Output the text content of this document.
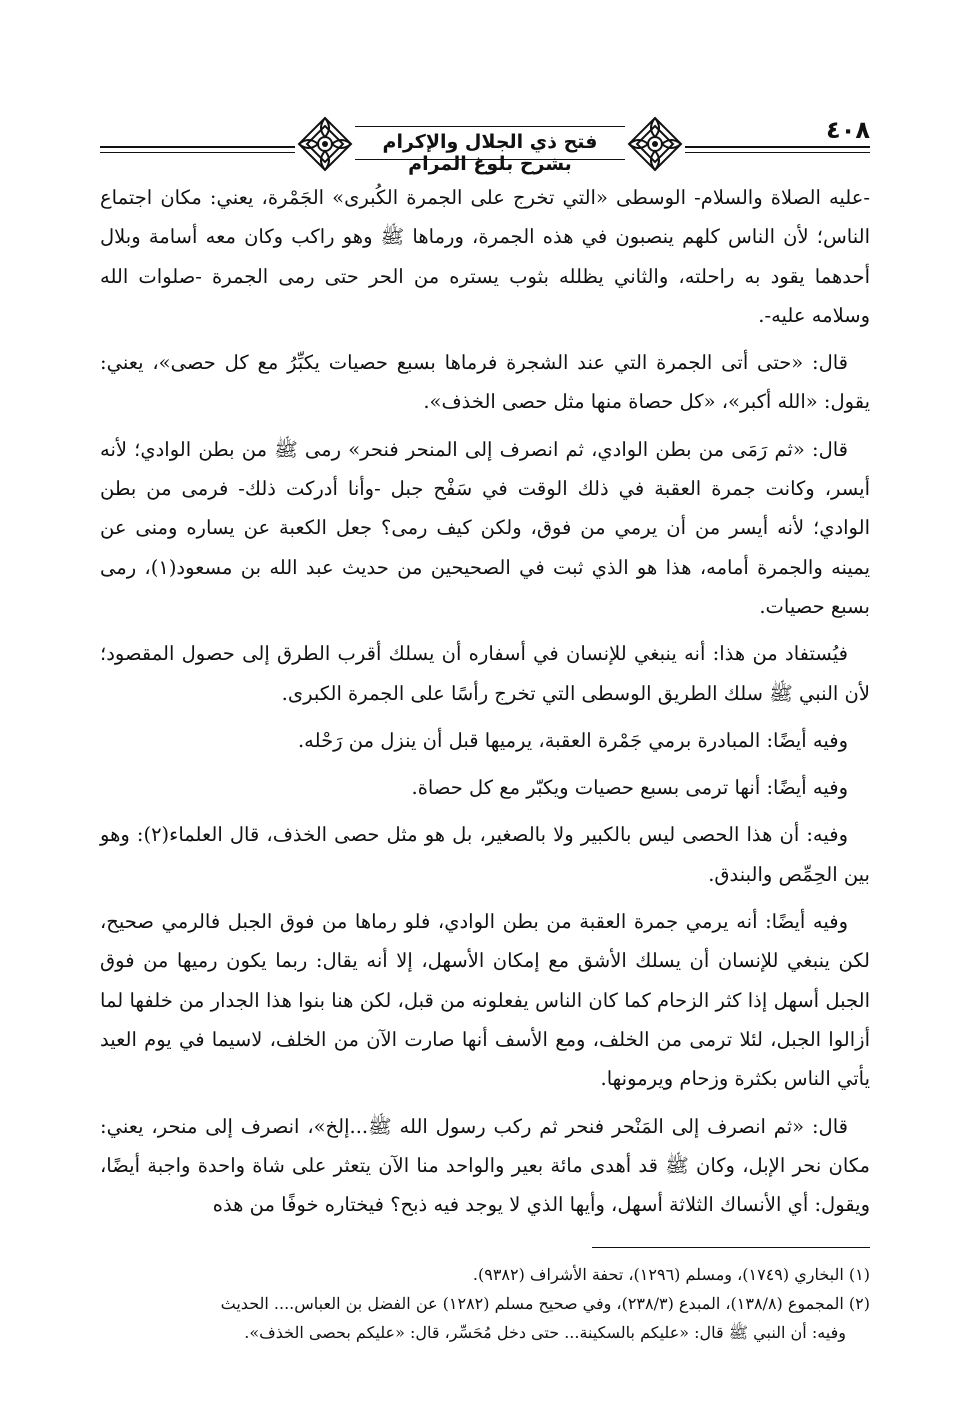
فتح ذي الجلال والإكرام بشرح بلوغ المرام
٤٠٨

-عليه الصلاة والسلام- الوسطى «التي تخرج على الجمرة الكُبرى» الجَمْرة، يعني: مكان اجتماع الناس؛ لأن الناس كلهم ينصبون في هذه الجمرة، ورماها ﷺ وهو راكب وكان معه أسامة وبلال أحدهما يقود به راحلته، والثاني يظلله بثوب يستره من الحر حتى رمى الجمرة -صلوات الله وسلامه عليه-.

قال: «حتى أتى الجمرة التي عند الشجرة فرماها بسبع حصيات يكبِّرُ مع كل حصى»، يعني: يقول: «الله أكبر»، «كل حصاة منها مثل حصى الخذف».

قال: «ثم رَمَى من بطن الوادي، ثم انصرف إلى المنحر فنحر» رمى ﷺ من بطن الوادي؛ لأنه أيسر، وكانت جمرة العقبة في ذلك الوقت في سَفْح جبل -وأنا أدركت ذلك- فرمى من بطن الوادي؛ لأنه أيسر من أن يرمي من فوق، ولكن كيف رمى؟ جعل الكعبة عن يساره ومنى عن يمينه والجمرة أمامه، هذا هو الذي ثبت في الصحيحين من حديث عبد الله بن مسعود(١)، رمى بسبع حصيات.

فيُستفاد من هذا: أنه ينبغي للإنسان في أسفاره أن يسلك أقرب الطرق إلى حصول المقصود؛ لأن النبي ﷺ سلك الطريق الوسطى التي تخرج رأسًا على الجمرة الكبرى.

وفيه أيضًا: المبادرة برمي جَمْرة العقبة، يرميها قبل أن ينزل من رَحْله.

وفيه أيضًا: أنها ترمى بسبع حصيات ويكبّر مع كل حصاة.

وفيه: أن هذا الحصى ليس بالكبير ولا بالصغير، بل هو مثل حصى الخذف، قال العلماء(٢): وهو بين الحِمِّص والبندق.

وفيه أيضًا: أنه يرمي جمرة العقبة من بطن الوادي، فلو رماها من فوق الجبل فالرمي صحيح، لكن ينبغي للإنسان أن يسلك الأشق مع إمكان الأسهل، إلا أنه يقال: ربما يكون رميها من فوق الجبل أسهل إذا كثر الزحام كما كان الناس يفعلونه من قبل، لكن هنا بنوا هذا الجدار من خلفها لما أزالوا الجبل، لئلا ترمى من الخلف، ومع الأسف أنها صارت الآن من الخلف، لاسيما في يوم العيد يأتي الناس بكثرة وزحام ويرمونها.

قال: «ثم انصرف إلى المَنْحر فنحر ثم ركب رسول الله ﷺ...إلخ»، انصرف إلى منحر، يعني: مكان نحر الإبل، وكان ﷺ قد أهدى مائة بعير والواحد منا الآن يتعثر على شاة واحدة واجبة أيضًا، ويقول: أي الأنساك الثلاثة أسهل، وأيها الذي لا يوجد فيه ذبح؟ فيختاره خوفًا من هذه

(١) البخاري (١٧٤٩)، ومسلم (١٢٩٦)، تحفة الأشراف (٩٣٨٢).

(٢) المجموع (١٣٨/٨)، المبدع (٢٣٨/٣)، وفي صحيح مسلم (١٢٨٢) عن الفضل بن العباس.... الحديث

وفيه: أن النبي ﷺ قال: «عليكم بالسكينة... حتى دخل مُحَسِّر، قال: «عليكم بحصى الخذف».
